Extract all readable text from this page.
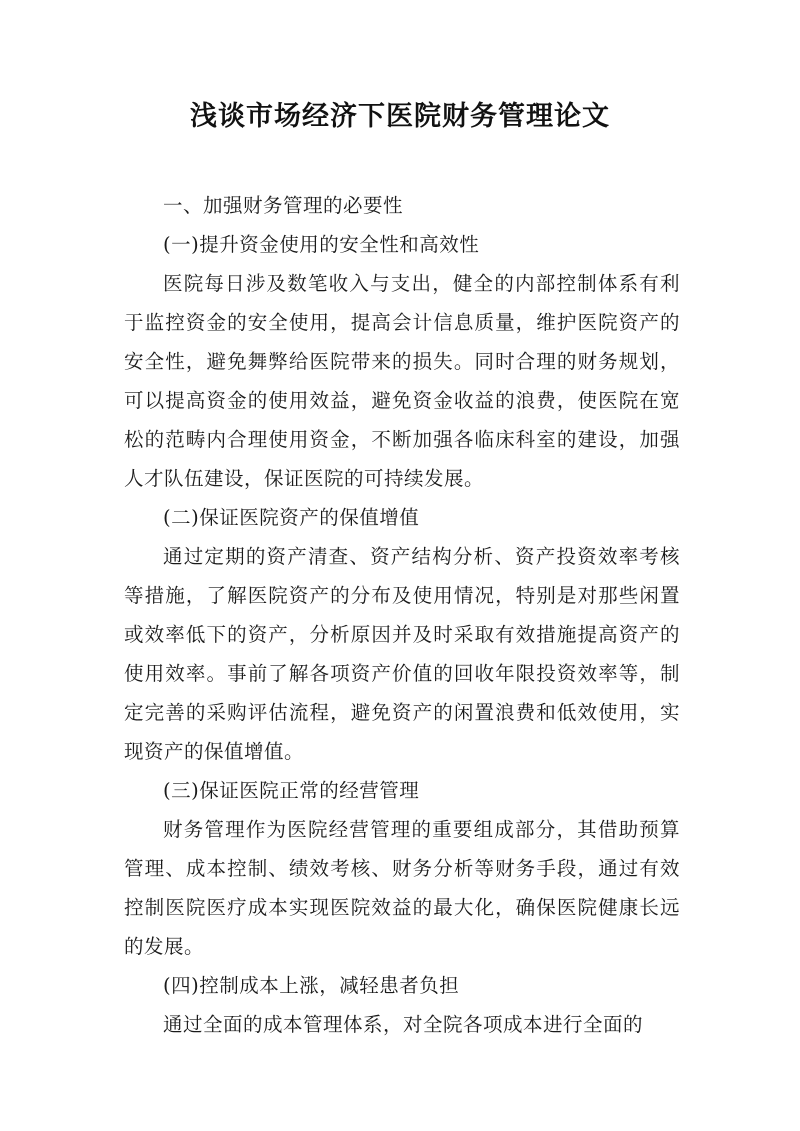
浅谈市场经济下医院财务管理论文

一、加强财务管理的必要性

(一)提升资金使用的安全性和高效性

医院每日涉及数笔收入与支出，健全的内部控制体系有利于监控资金的安全使用，提高会计信息质量，维护医院资产的安全性，避免舞弊给医院带来的损失。同时合理的财务规划，可以提高资金的使用效益，避免资金收益的浪费，使医院在宽松的范畴内合理使用资金，不断加强各临床科室的建设，加强人才队伍建设，保证医院的可持续发展。

(二)保证医院资产的保值增值

通过定期的资产清查、资产结构分析、资产投资效率考核等措施，了解医院资产的分布及使用情况，特别是对那些闲置或效率低下的资产，分析原因并及时采取有效措施提高资产的使用效率。事前了解各项资产价值的回收年限投资效率等，制定完善的采购评估流程，避免资产的闲置浪费和低效使用，实现资产的保值增值。

(三)保证医院正常的经营管理

财务管理作为医院经营管理的重要组成部分，其借助预算管理、成本控制、绩效考核、财务分析等财务手段，通过有效控制医院医疗成本实现医院效益的最大化，确保医院健康长远的发展。

(四)控制成本上涨，减轻患者负担

通过全面的成本管理体系，对全院各项成本进行全面的
